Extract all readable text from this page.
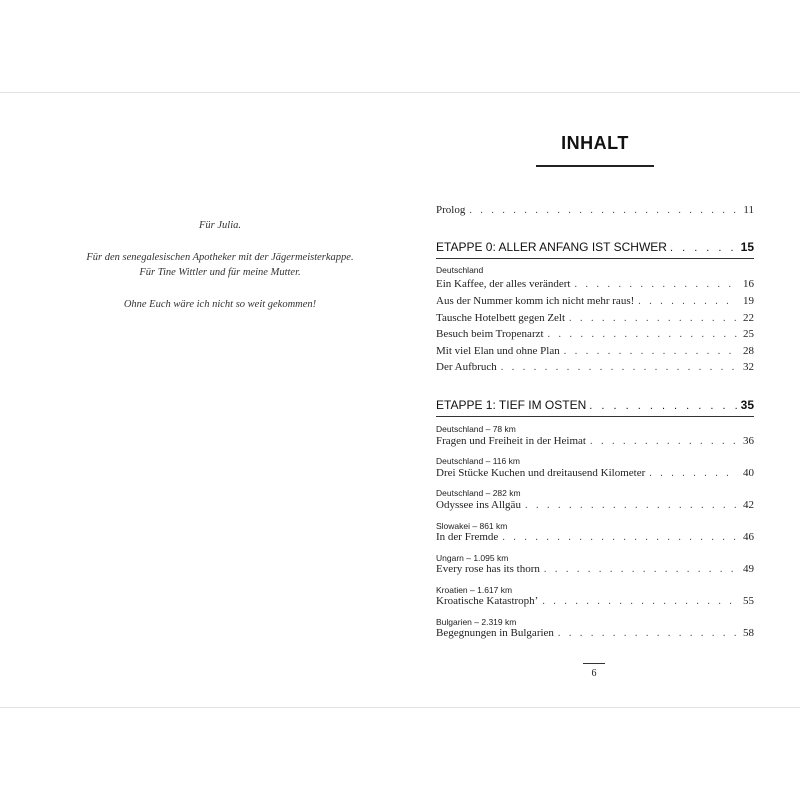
Für Julia.

Für den senegalesischen Apotheker mit der Jägermeisterkappe.

Für Tine Wittler und für meine Mutter.

Ohne Euch wäre ich nicht so weit gekommen!

INHALT
Prolog . . .	11
ETAPPE 0: ALLER ANFANG IST SCHWER . . .	15
Deutschland
Ein Kaffee, der alles verändert . . .	16
Aus der Nummer komm ich nicht mehr raus! . . .	19
Tausche Hotelbett gegen Zelt . . .	22
Besuch beim Tropenarzt . . .	25
Mit viel Elan und ohne Plan . . .	28
Der Aufbruch . . .	32
ETAPPE 1: TIEF IM OSTEN . . .	35
Deutschland – 78 km
Fragen und Freiheit in der Heimat . . .	36
Deutschland – 116 km
Drei Stücke Kuchen und dreitausend Kilometer . . .	40
Deutschland – 282 km
Odyssee ins Allgäu . . .	42
Slowakei – 861 km
In der Fremde . . .	46
Ungarn – 1.095 km
Every rose has its thorn . . .	49
Kroatien – 1.617 km
Kroatische Katastroph’ . . .	55
Bulgarien – 2.319 km
Begegnungen in Bulgarien . . .	58
6
